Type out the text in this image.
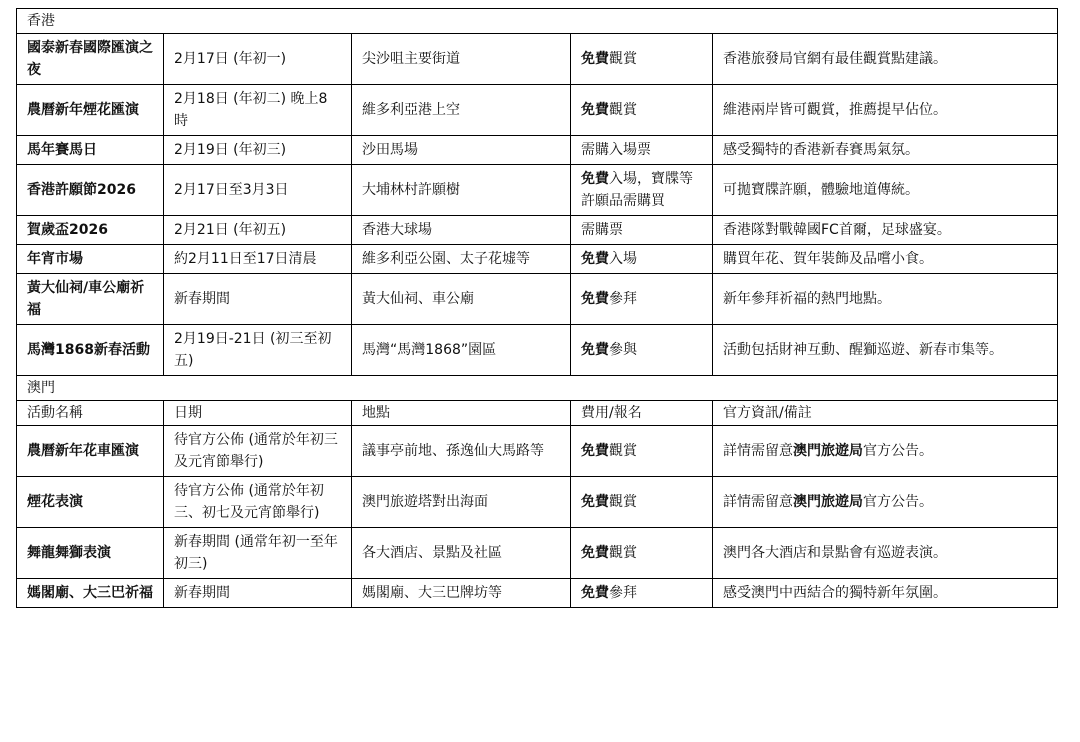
香港				
國泰新春國際匯演之夜	2月17日 (年初一)	尖沙咀主要街道	免費觀賞	香港旅發局官網有最佳觀賞點建議。
農曆新年煙花匯演	2月18日 (年初二) 晚上8時	維多利亞港上空	免費觀賞	維港兩岸皆可觀賞，推薦提早佔位。
馬年賽馬日	2月19日 (年初三)	沙田馬場	需購入場票	感受獨特的香港新春賽馬氣氛。
香港許願節2026	2月17日至3月3日	大埔林村許願樹	免費入場，寶牒等許願品需購買	可拋寶牒許願，體驗地道傳統。
賀歲盃2026	2月21日 (年初五)	香港大球場	需購票	香港隊對戰韓國FC首爾，足球盛宴。
年宵市場	約2月11日至17日清晨	維多利亞公園、太子花墟等	免費入場	購買年花、賀年裝飾及品嚐小食。
黃大仙祠/車公廟祈福	新春期間	黃大仙祠、車公廟	免費參拜	新年參拜祈福的熱門地點。
馬灣1868新春活動	2月19日-21日 (初三至初五)	馬灣“馬灣1868”園區	免費參與	活動包括財神互動、醒獅巡遊、新春市集等。
澳門				
活動名稱	日期	地點	費用/報名	官方資訊/備註
農曆新年花車匯演	待官方公佈 (通常於年初三及元宵節舉行)	議事亭前地、孫逸仙大馬路等	免費觀賞	詳情需留意澳門旅遊局官方公告。
煙花表演	待官方公佈 (通常於年初三、初七及元宵節舉行)	澳門旅遊塔對出海面	免費觀賞	詳情需留意澳門旅遊局官方公告。
舞龍舞獅表演	新春期間 (通常年初一至年初三)	各大酒店、景點及社區	免費觀賞	澳門各大酒店和景點會有巡遊表演。
媽閣廟、大三巴祈福	新春期間	媽閣廟、大三巴牌坊等	免費參拜	感受澳門中西結合的獨特新年氛圍。
